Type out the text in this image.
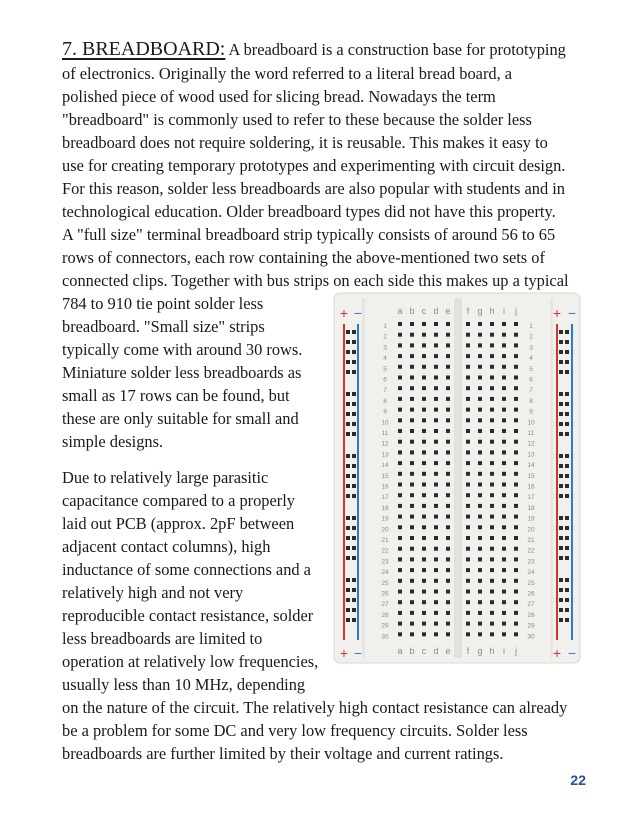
7. BREADBOARD: A breadboard is a construction base for prototyping

of electronics. Originally the word referred to a literal bread board, a

polished piece of wood used for slicing bread. Nowadays the term

"breadboard" is commonly used to refer to these because the solder less

breadboard does not require soldering, it is reusable. This makes it easy to

use for creating temporary prototypes and experimenting with circuit design.

For this reason, solder less breadboards are also popular with students and in

technological education. Older breadboard types did not have this property.

A "full size" terminal breadboard strip typically consists of around 56 to 65

rows of connectors, each row containing the above-mentioned two sets of

connected clips. Together with bus strips on each side this makes up a typical

784 to 910 tie point solder less

breadboard. "Small size" strips

typically come with around 30 rows.

Miniature solder less breadboards as

small as 17 rows can be found, but

these are only suitable for small and

simple designs.

Due to relatively large parasitic

capacitance compared to a properly

laid out PCB (approx. 2pF between

adjacent contact columns), high

inductance of some connections and a

relatively high and not very

reproducible contact resistance, solder

less breadboards are limited to

operation at relatively low frequencies,

usually less than 10 MHz, depending

on the nature of the circuit. The relatively high contact resistance can already

be a problem for some DC and very low frequency circuits. Solder less

breadboards are further limited by their voltage and current ratings.

+ −	+ −
+ −	+ −
a
a
b
b
c
c
d
d
e
e
f
f
g
g
h
h
i
i
j
j
1	1
2	2
3	3
4	4
5	5
6	6
7	7
8	8
9	9
10	10
11	11
12	12
13	13
14	14
15	15
16	16
17	17
18	18
19	19
20	20
21	21
22	22
23	23
24	24
25	25
26	26
27	27
28	28
29	29
30	30
22
